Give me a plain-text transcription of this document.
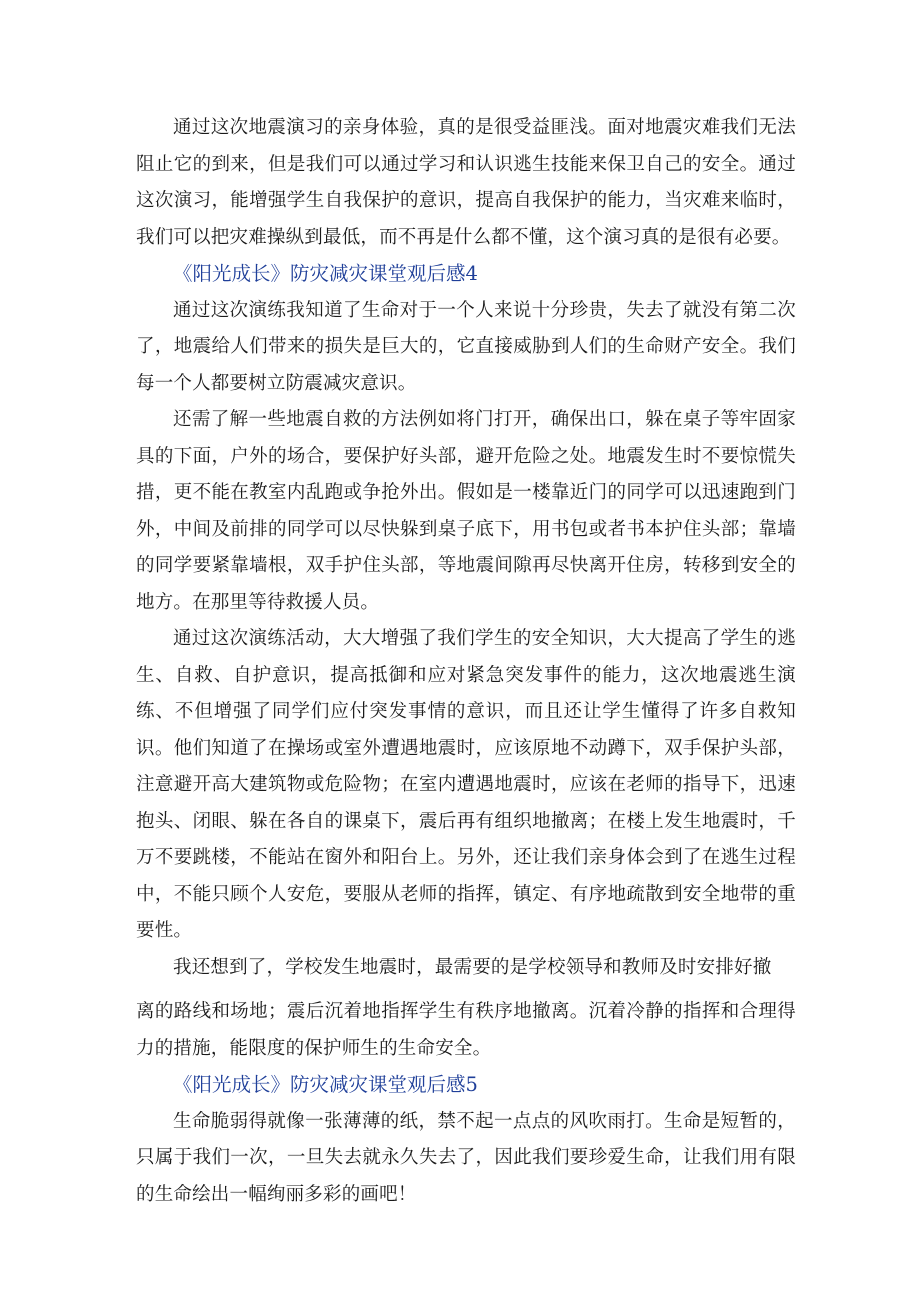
通过这次地震演习的亲身体验，真的是很受益匪浅。面对地震灾难我们无法阻止它的到来，但是我们可以通过学习和认识逃生技能来保卫自己的安全。通过这次演习，能增强学生自我保护的意识，提高自我保护的能力，当灾难来临时，我们可以把灾难操纵到最低，而不再是什么都不懂，这个演习真的是很有必要。

《阳光成长》防灾减灾课堂观后感4

通过这次演练我知道了生命对于一个人来说十分珍贵，失去了就没有第二次了，地震给人们带来的损失是巨大的，它直接威胁到人们的生命财产安全。我们每一个人都要树立防震减灾意识。

还需了解一些地震自救的方法例如将门打开，确保出口，躲在桌子等牢固家具的下面，户外的场合，要保护好头部，避开危险之处。地震发生时不要惊慌失措，更不能在教室内乱跑或争抢外出。假如是一楼靠近门的同学可以迅速跑到门外，中间及前排的同学可以尽快躲到桌子底下，用书包或者书本护住头部；靠墙的同学要紧靠墙根，双手护住头部，等地震间隙再尽快离开住房，转移到安全的地方。在那里等待救援人员。

通过这次演练活动，大大增强了我们学生的安全知识，大大提高了学生的逃生、自救、自护意识，提高抵御和应对紧急突发事件的能力，这次地震逃生演练、不但增强了同学们应付突发事情的意识，而且还让学生懂得了许多自救知识。他们知道了在操场或室外遭遇地震时，应该原地不动蹲下，双手保护头部，注意避开高大建筑物或危险物；在室内遭遇地震时，应该在老师的指导下，迅速抱头、闭眼、躲在各自的课桌下，震后再有组织地撤离；在楼上发生地震时，千万不要跳楼，不能站在窗外和阳台上。另外，还让我们亲身体会到了在逃生过程中，不能只顾个人安危，要服从老师的指挥，镇定、有序地疏散到安全地带的重要性。

我还想到了，学校发生地震时，最需要的是学校领导和教师及时安排好撤

离的路线和场地；震后沉着地指挥学生有秩序地撤离。沉着冷静的指挥和合理得力的措施，能限度的保护师生的生命安全。

《阳光成长》防灾减灾课堂观后感5

生命脆弱得就像一张薄薄的纸，禁不起一点点的风吹雨打。生命是短暂的，只属于我们一次，一旦失去就永久失去了，因此我们要珍爱生命，让我们用有限的生命绘出一幅绚丽多彩的画吧！
